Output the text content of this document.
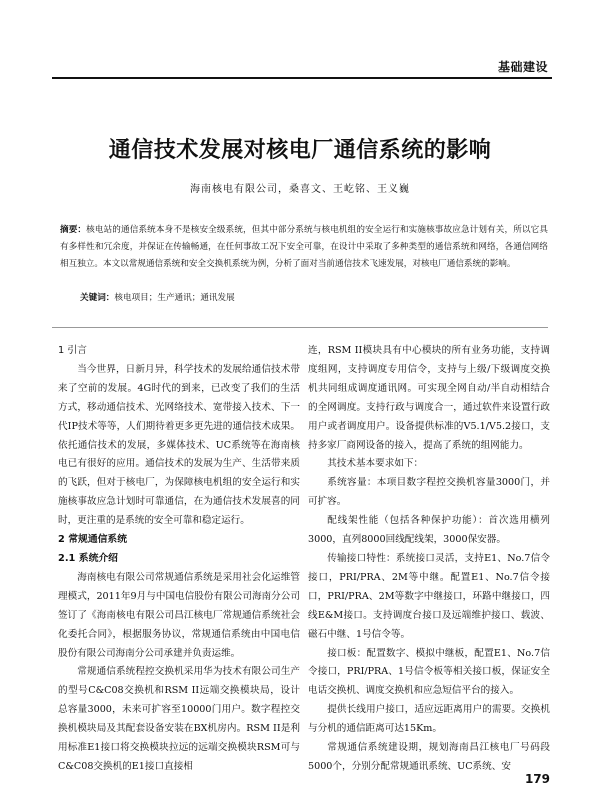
基础建设
通信技术发展对核电厂通信系统的影响
海南核电有限公司，桑喜文、王屹铭、王义巍
摘要：核电站的通信系统本身不是核安全级系统，但其中部分系统与核电机组的安全运行和实施核事故应急计划有关，所以它具有多样性和冗余度，并保证在传输畅通，在任何事故工况下安全可靠，在设计中采取了多种类型的通信系统和网络，各通信网络相互独立。本文以常规通信系统和安全交换机系统为例，分析了面对当前通信技术飞速发展，对核电厂通信系统的影响。
关键词：核电项目；生产通讯；通讯发展
1 引言

当今世界，日新月异，科学技术的发展给通信技术带来了空前的发展。4G时代的到来，已改变了我们的生活方式，移动通信技术、光网络技术、宽带接入技术、下一代IP技术等等，人们期待着更多更先进的通信技术成果。依托通信技术的发展，多媒体技术、UC系统等在海南核电已有很好的应用。通信技术的发展为生产、生活带来质的飞跃，但对于核电厂，为保障核电机组的安全运行和实施核事故应急计划时可靠通信，在为通信技术发展喜的同时，更注重的是系统的安全可靠和稳定运行。

2 常规通信系统
2.1 系统介绍

海南核电有限公司常规通信系统是采用社会化运维管理模式，2011年9月与中国电信股份有限公司海南分公司签订了《海南核电有限公司昌江核电厂常规通信系统社会化委托合同》，根据服务协议，常规通信系统由中国电信股份有限公司海南分公司承建并负责运维。

常规通信系统程控交换机采用华为技术有限公司生产的型号C&C08交换机和RSM II远端交换模块局，设计总容量3000，未来可扩容至10000门用户。数字程控交换机模块局及其配套设备安装在BX机房内。RSM II是利用标准E1接口将交换模块拉远的远端交换模块RSM可与C&C08交换机的E1接口直接相

连，RSM II模块具有中心模块的所有业务功能，支持调度组网，支持调度专用信令，支持与上级/下级调度交换机共同组成调度通讯网。可实现全网自动/半自动相结合的全网调度。支持行政与调度合一，通过软件来设置行政用户或者调度用户。设备提供标准的V5.1/V5.2接口，支持多家厂商网设备的接入，提高了系统的组网能力。

其技术基本要求如下：

系统容量：本项目数字程控交换机容量3000门，并可扩容。

配线架性能（包括各种保护功能）：首次选用横列3000，直列8000回线配线架，3000保安器。

传输接口特性：系统接口灵活，支持E1、No.7信令接口，PRI/PRA、2M等中继。配置E1、No.7信令接口，PRI/PRA、2M等数字中继接口，环路中继接口，四线E&M接口。支持调度台接口及远端维护接口、载波、磁石中继、1号信令等。

接口板：配置数字、模拟中继板，配置E1、No.7信令接口，PRI/PRA、1号信令板等相关接口板，保证安全电话交换机、调度交换机和应急短信平台的接入。

提供长线用户接口，适应远距离用户的需要。交换机与分机的通信距离可达15Km。

常规通信系统建设期，规划海南昌江核电厂号码段5000个，分别分配常规通讯系统、UC系统、安

179
